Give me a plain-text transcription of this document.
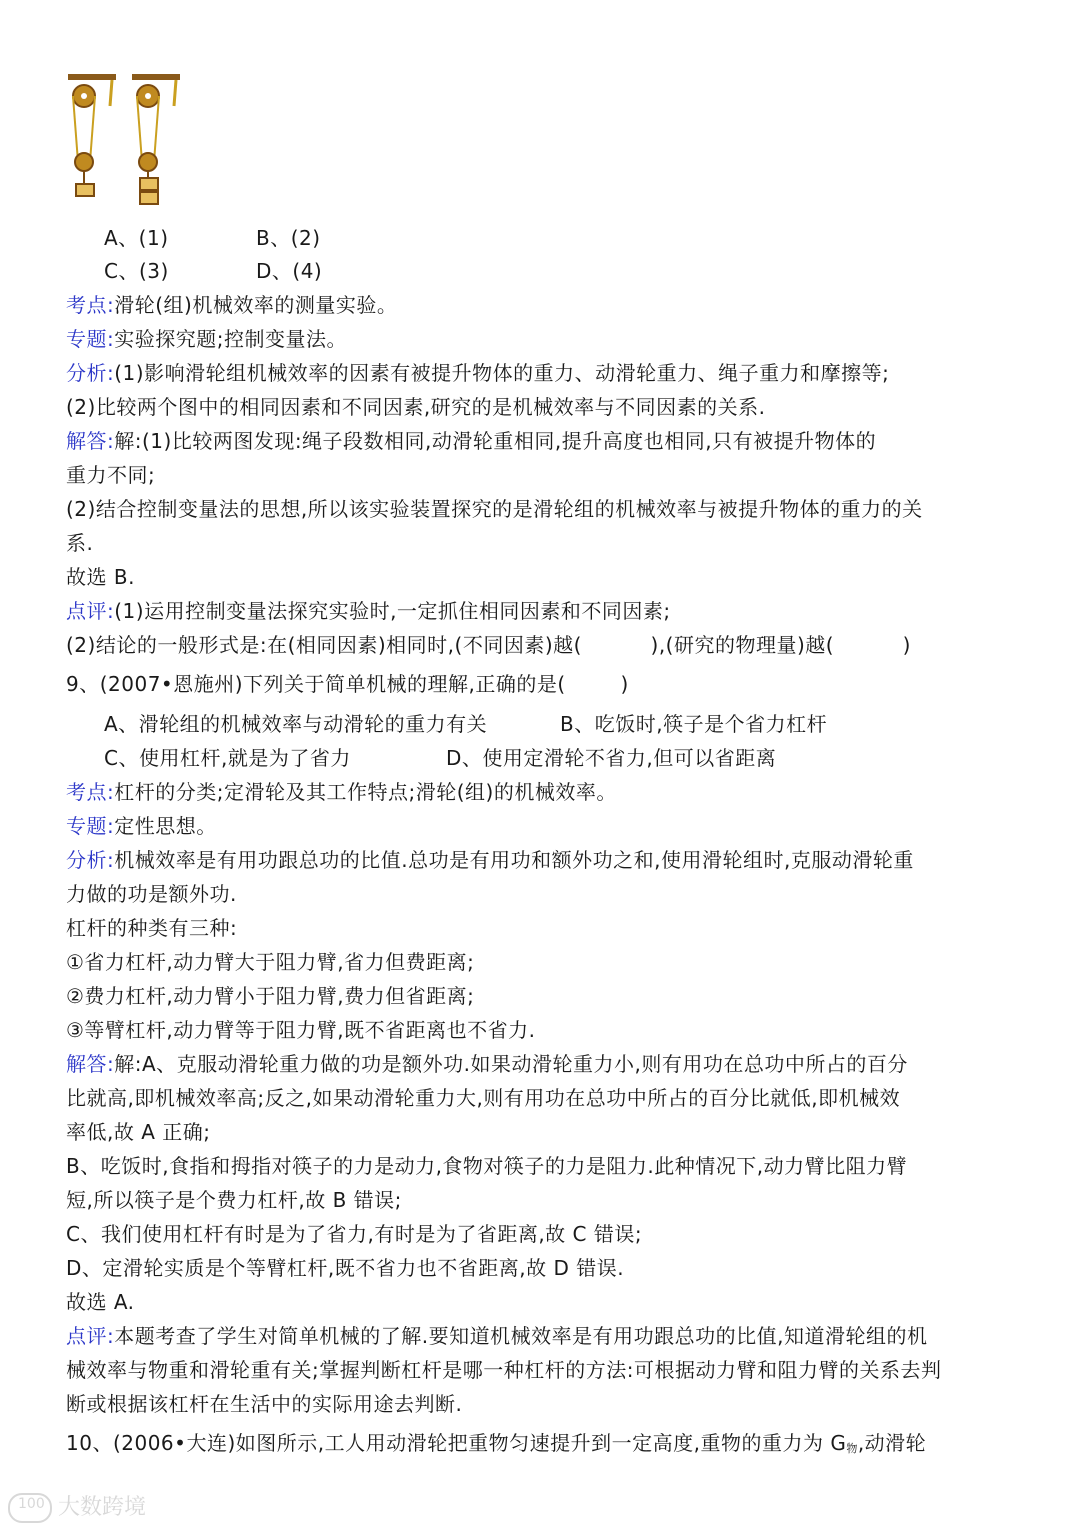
A、(1)	B、(2)
C、(3)	D、(4)
考点:滑轮(组)机械效率的测量实验。
专题:实验探究题;控制变量法。
分析:(1)影响滑轮组机械效率的因素有被提升物体的重力、动滑轮重力、绳子重力和摩擦等;
(2)比较两个图中的相同因素和不同因素,研究的是机械效率与不同因素的关系.
解答:解:(1)比较两图发现:绳子段数相同,动滑轮重相同,提升高度也相同,只有被提升物体的
重力不同;
(2)结合控制变量法的思想,所以该实验装置探究的是滑轮组的机械效率与被提升物体的重力的关
系.
故选 B.
点评:(1)运用控制变量法探究实验时,一定抓住相同因素和不同因素;
(2)结论的一般形式是:在(相同因素)相同时,(不同因素)越(          ),(研究的物理量)越(          )
9、(2007•恩施州)下列关于简单机械的理解,正确的是(        )
A、滑轮组的机械效率与动滑轮的重力有关	B、吃饭时,筷子是个省力杠杆
C、使用杠杆,就是为了省力	D、使用定滑轮不省力,但可以省距离
考点:杠杆的分类;定滑轮及其工作特点;滑轮(组)的机械效率。
专题:定性思想。
分析:机械效率是有用功跟总功的比值.总功是有用功和额外功之和,使用滑轮组时,克服动滑轮重
力做的功是额外功.
杠杆的种类有三种:
①省力杠杆,动力臂大于阻力臂,省力但费距离;
②费力杠杆,动力臂小于阻力臂,费力但省距离;
③等臂杠杆,动力臂等于阻力臂,既不省距离也不省力.
解答:解:A、克服动滑轮重力做的功是额外功.如果动滑轮重力小,则有用功在总功中所占的百分
比就高,即机械效率高;反之,如果动滑轮重力大,则有用功在总功中所占的百分比就低,即机械效
率低,故 A 正确;
B、吃饭时,食指和拇指对筷子的力是动力,食物对筷子的力是阻力.此种情况下,动力臂比阻力臂
短,所以筷子是个费力杠杆,故 B 错误;
C、我们使用杠杆有时是为了省力,有时是为了省距离,故 C 错误;
D、定滑轮实质是个等臂杠杆,既不省力也不省距离,故 D 错误.
故选 A.
点评:本题考查了学生对简单机械的了解.要知道机械效率是有用功跟总功的比值,知道滑轮组的机
械效率与物重和滑轮重有关;掌握判断杠杆是哪一种杠杆的方法:可根据动力臂和阻力臂的关系去判
断或根据该杠杆在生活中的实际用途去判断.
10、(2006•大连)如图所示,工人用动滑轮把重物匀速提升到一定高度,重物的重力为 G物,动滑轮
100 大数跨境
